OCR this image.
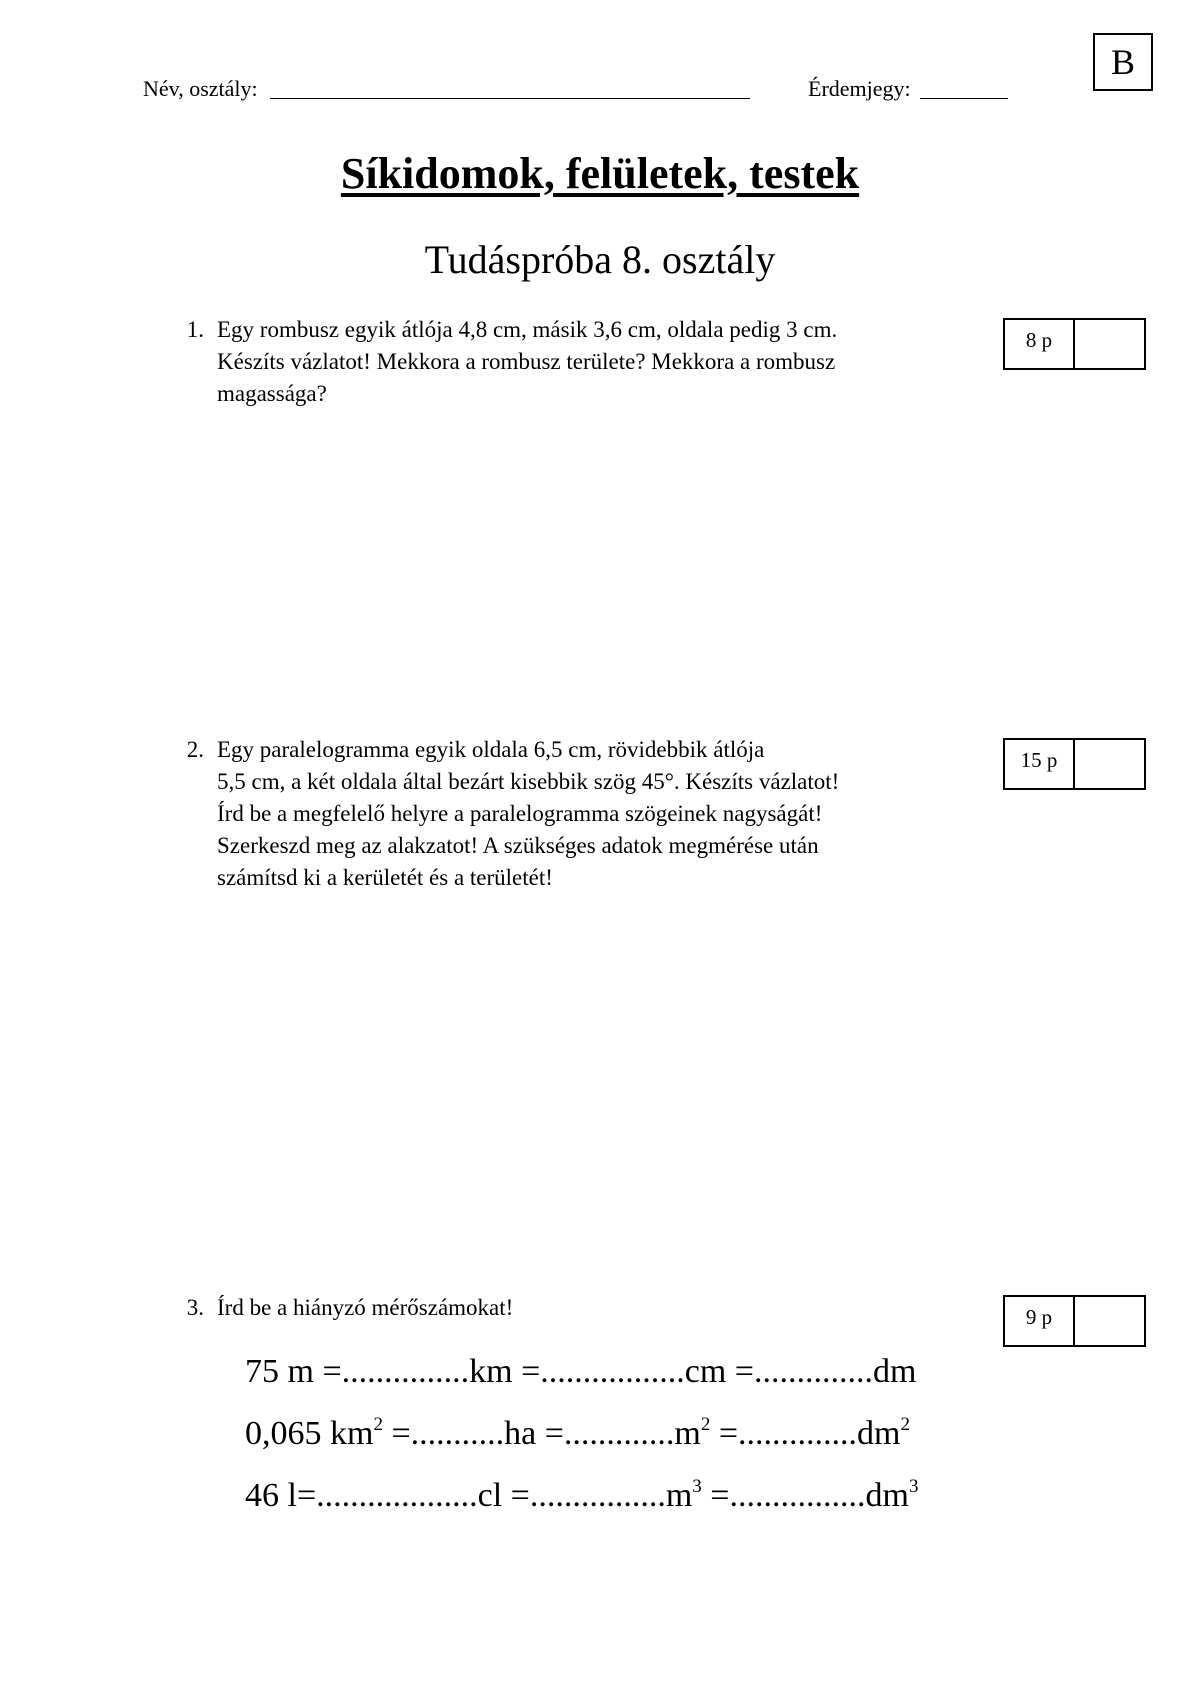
Név, osztály:	Érdemjegy:
B
Síkidomok, felületek, testek
Tudáspróba 8. osztály
1. Egy rombusz egyik átlója 4,8 cm, másik 3,6 cm, oldala pedig 3 cm.
Készíts vázlatot! Mekkora a rombusz területe? Mekkora a rombusz
magassága?
8 p
2. Egy paralelogramma egyik oldala 6,5 cm, rövidebbik átlója
5,5 cm, a két oldala által bezárt kisebbik szög 45°. Készíts vázlatot!
Írd be a megfelelő helyre a paralelogramma szögeinek nagyságát!
Szerkeszd meg az alakzatot! A szükséges adatok megmérése után
számítsd ki a kerületét és a területét!
15 p
3. Írd be a hiányzó mérőszámokat!	9 p
75 m =...............km =.................cm =..............dm
0,065 $km^2 =...........ha =.............m^2 =..............dm^2$
46 $l=...................cl =................m^3 =................dm^3$
